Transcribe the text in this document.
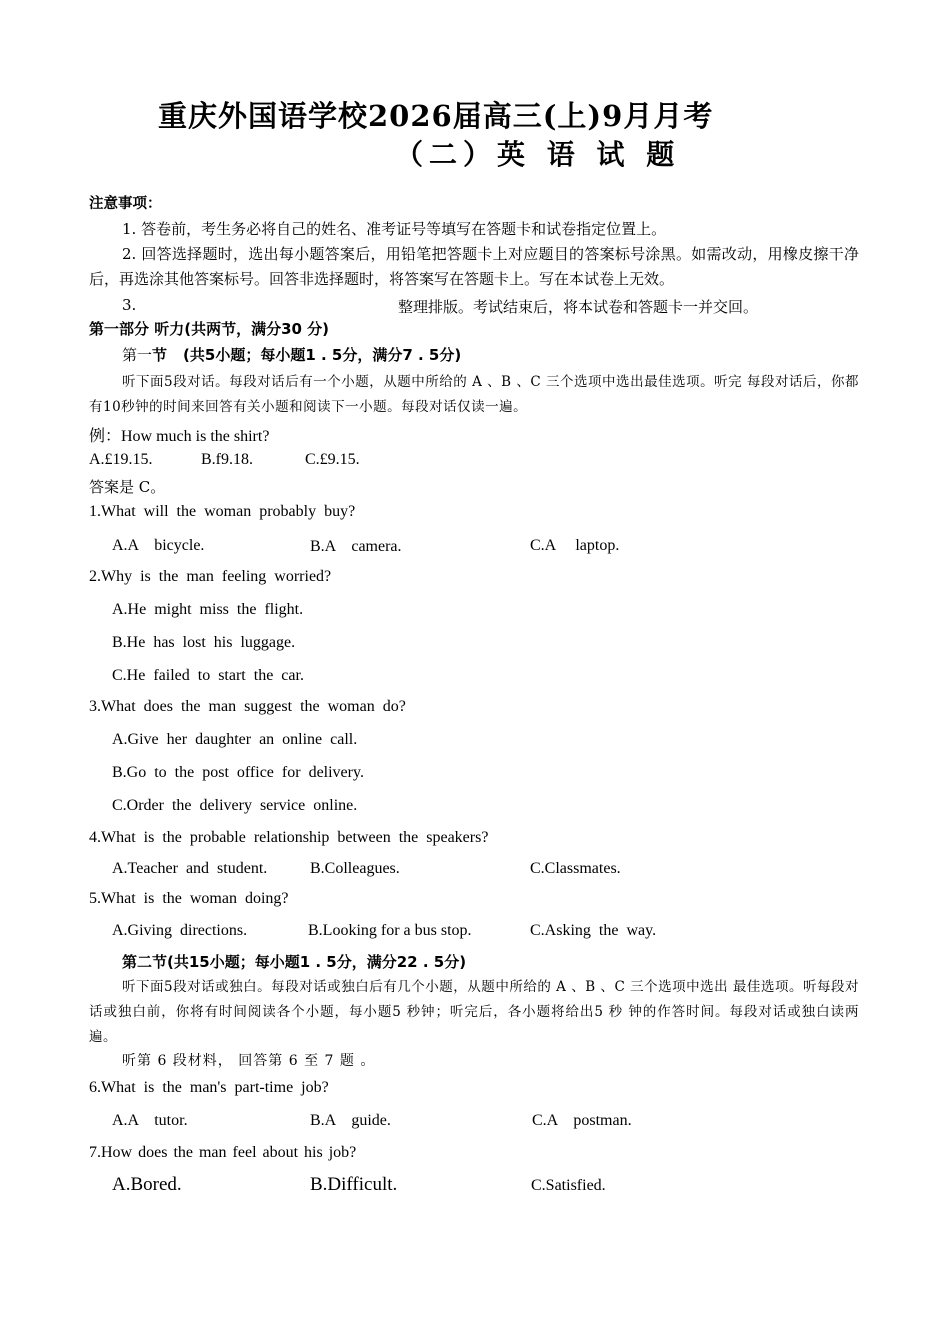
重庆外国语学校2026届高三(上)9月月考
（二）英 语 试 题
注意事项：
1. 答卷前，考生务必将自己的姓名、准考证号等填写在答题卡和试卷指定位置上。
2. 回答选择题时，选出每小题答案后，用铅笔把答题卡上对应题目的答案标号涂黑。如需改动，用橡皮擦干净后，再选涂其他答案标号。回答非选择题时，将答案写在答题卡上。写在本试卷上无效。
3.	整理排版。考试结束后，将本试卷和答题卡一并交回。
第一部分 听力(共两节，满分30 分)
第一节 (共5小题；每小题1 . 5分，满分7 . 5分)
听下面5段对话。每段对话后有一个小题，从题中所给的 A 、B 、C 三个选项中选出最佳选项。听完 每段对话后，你都有10秒钟的时间来回答有关小题和阅读下一小题。每段对话仅读一遍。
例：How much is the shirt?
A.£19.15.	B.f9.18.	C.£9.15.
答案是 C。
1.What will the woman probably buy?
A.A    bicycle.	B.A    camera.	C.A     laptop.
2.Why is the man feeling worried?
A.He might miss the flight.
B.He has lost his luggage.
C.He failed to start the car.
3.What does the man suggest the woman do?
A.Give her daughter an online call.
B.Go to the post office for delivery.
C.Order the delivery service online.
4.What is the probable relationship between the speakers?
A.Teacher and student.	B.Colleagues.	C.Classmates.
5.What is the woman doing?
A.Giving directions.	B.Looking for a bus stop.	C.Asking the way.
第二节(共15小题；每小题1 . 5分，满分22 . 5分)
听下面5段对话或独白。每段对话或独白后有几个小题，从题中所给的 A 、B 、C 三个选项中选出 最佳选项。听每段对话或独白前，你将有时间阅读各个小题，每小题5 秒钟；听完后，各小题将给出5 秒 钟的作答时间。每段对话或独白读两遍。
听第 6 段材料， 回答第 6 至 7 题 。
6.What is the man's part-time job?
A.A    tutor.	B.A    guide.	C.A    postman.
7.How does the man feel about his job?
A.Bored.	B.Difficult.	C.Satisfied.
